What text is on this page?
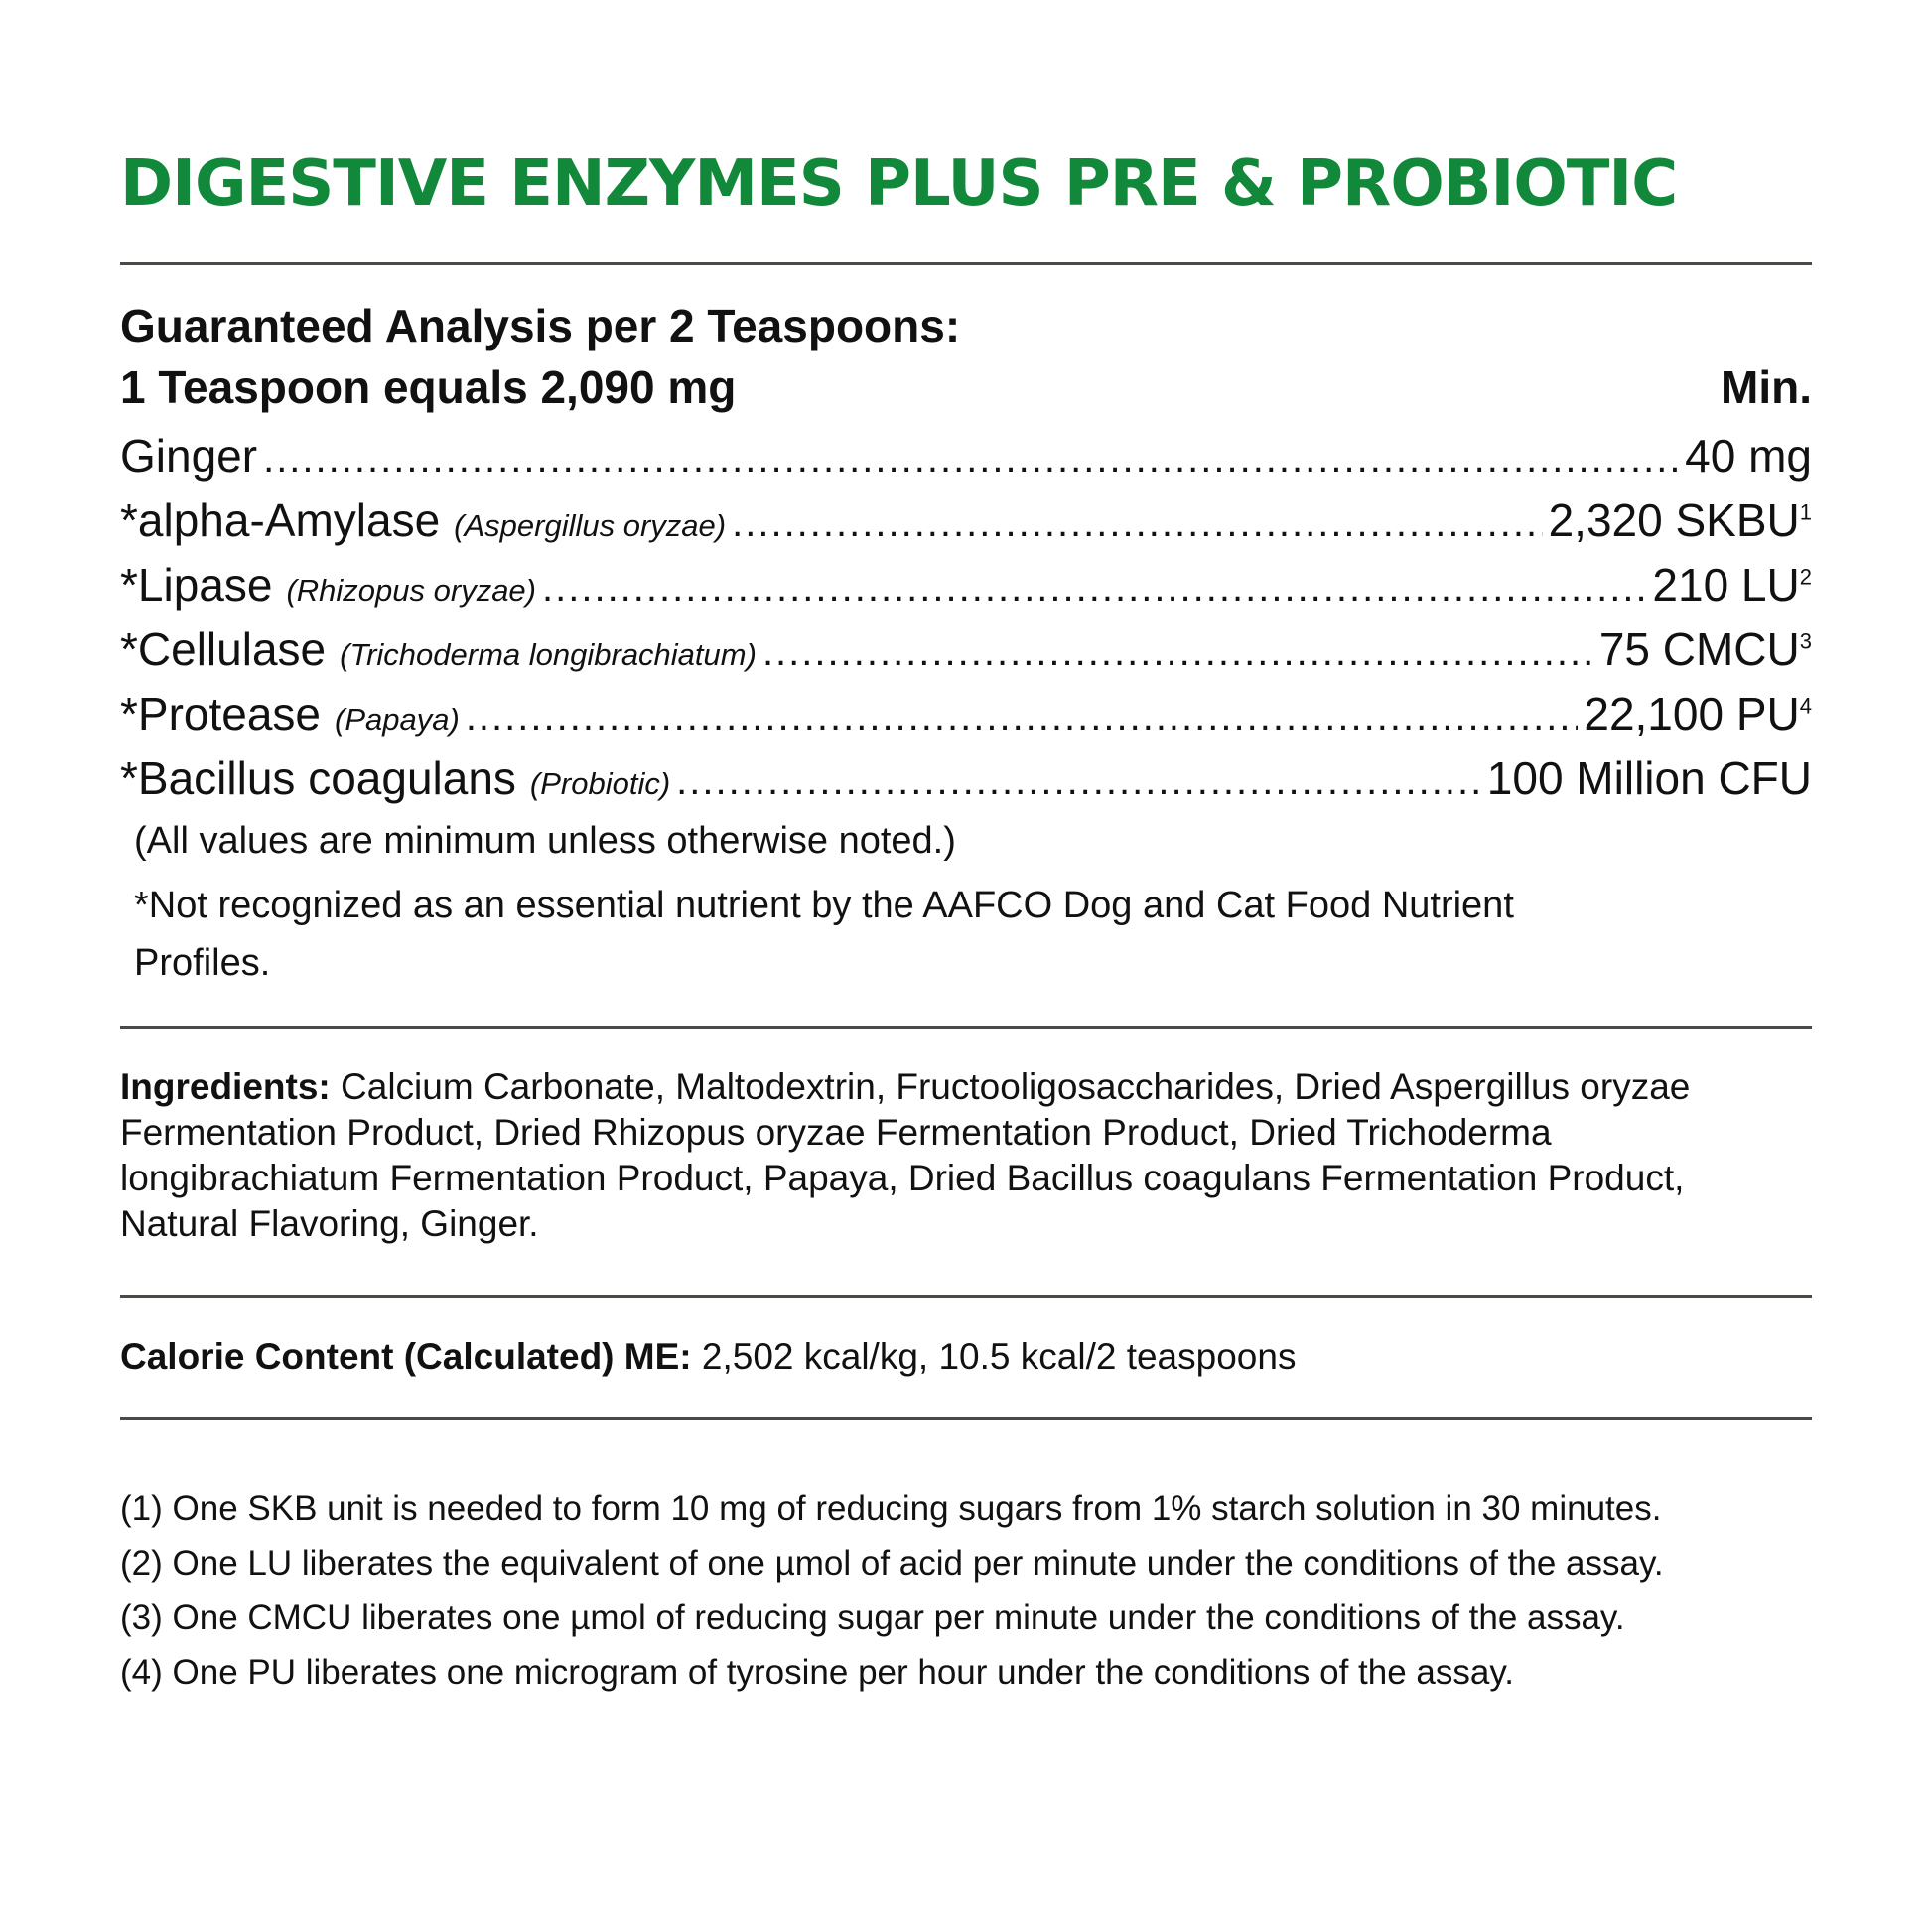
DIGESTIVE ENZYMES PLUS PRE & PROBIOTIC
Guaranteed Analysis per 2 Teaspoons:
1 Teaspoon equals 2,090 mg	Min.
Ginger .....	40 mg
*alpha-Amylase (Aspergillus oryzae) .....	2,320 SKBU$^1$
*Lipase (Rhizopus oryzae) .....	210 $LU^2$
*Cellulase (Trichoderma longibrachiatum) .....	75 CMCU$^3$
*Protease (Papaya) .....	22,100 $PU^4$
*Bacillus coagulans (Probiotic) .....	100 Million CFU
(All values are minimum unless otherwise noted.)
*Not recognized as an essential nutrient by the AAFCO Dog and Cat Food Nutrient Profiles.
Ingredients: Calcium Carbonate, Maltodextrin, Fructooligosaccharides, Dried Aspergillus oryzae Fermentation Product, Dried Rhizopus oryzae Fermentation Product, Dried Trichoderma longibrachiatum Fermentation Product, Papaya, Dried Bacillus coagulans Fermentation Product, Natural Flavoring, Ginger.
Calorie Content (Calculated) ME: 2,502 kcal/kg, 10.5 kcal/2 teaspoons
(1) One SKB unit is needed to form 10 mg of reducing sugars from 1% starch solution in 30 minutes.
(2) One LU liberates the equivalent of one µmol of acid per minute under the conditions of the assay.
(3) One CMCU liberates one µmol of reducing sugar per minute under the conditions of the assay.
(4) One PU liberates one microgram of tyrosine per hour under the conditions of the assay.
